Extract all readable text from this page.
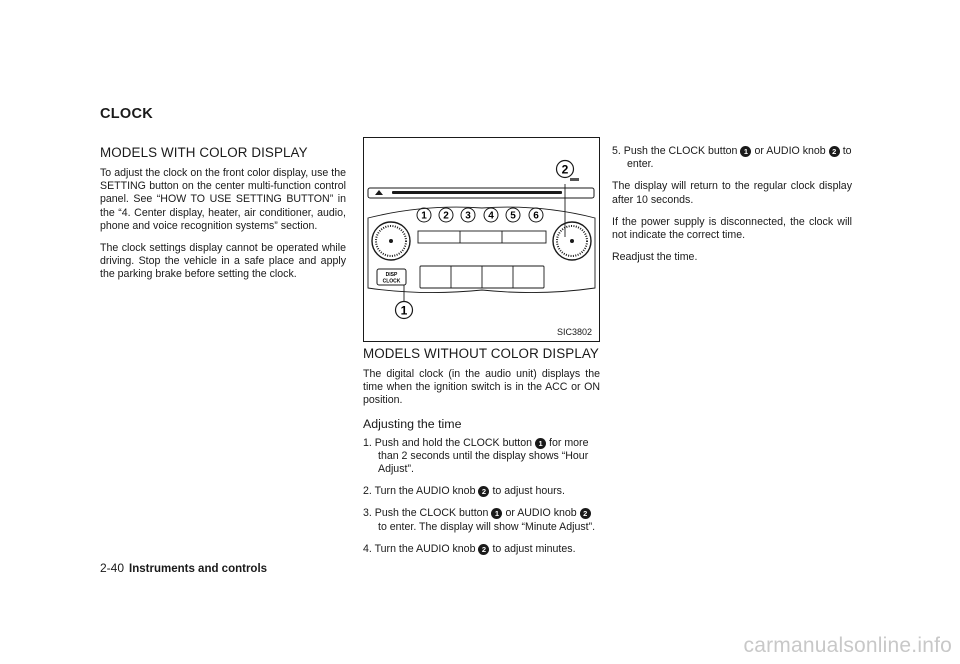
CLOCK
MODELS WITH COLOR DISPLAY

To adjust the clock on the front color display, use the SETTING button on the center multi-function control panel. See “HOW TO USE SETTING BUTTON” in the “4. Center display, heater, air conditioner, audio, phone and voice recognition systems” section.

The clock settings display cannot be operated while driving. Stop the vehicle in a safe place and apply the parking brake before setting the clock.

2
1 2 3 4 5 6
DISP
CLOCK
1
SIC3802
MODELS WITHOUT COLOR DISPLAY

The digital clock (in the audio unit) displays the time when the ignition switch is in the ACC or ON position.

Adjusting the time
1. Push and hold the CLOCK button 1 for more than 2 seconds until the display shows “Hour Adjust”.
2. Turn the AUDIO knob 2 to adjust hours.
3. Push the CLOCK button 1 or AUDIO knob 2to enter. The display will show “Minute Adjust”.
4. Turn the AUDIO knob 2 to adjust minutes.
5. Push the CLOCK button 1 or AUDIO knob 2 to enter.

The display will return to the regular clock display after 10 seconds.

If the power supply is disconnected, the clock will not indicate the correct time.

Readjust the time.

2-40 Instruments and controls
carmanualsonline.info
